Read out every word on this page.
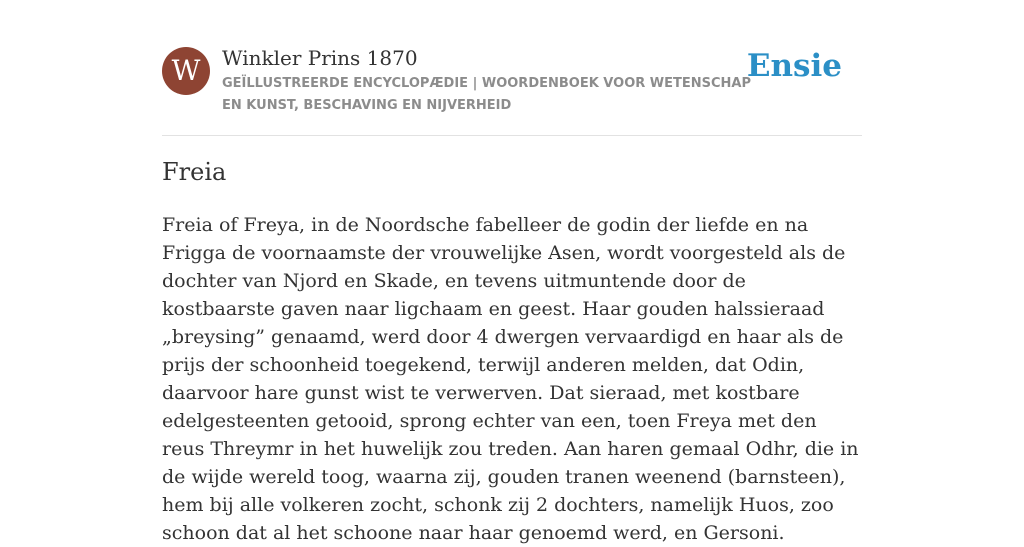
W	Winkler Prins 1870
GEÏLLUSTREERDE ENCYCLOPÆDIE | WOORDENBOEK VOOR WETENSCHAP EN KUNST, BESCHAVING EN NIJVERHEID
Ensie
Freia

Freia of Freya, in de Noordsche fabelleer de godin der liefde en na Frigga de voornaamste der vrouwelijke Asen, wordt voorgesteld als de dochter van Njord en Skade, en tevens uitmuntende door de kostbaarste gaven naar ligchaam en geest. Haar gouden halssieraad „breysing” genaamd, werd door 4 dwergen vervaardigd en haar als de prijs der schoonheid toegekend, terwijl anderen melden, dat Odin, daarvoor hare gunst wist te verwerven. Dat sieraad, met kostbare edelgesteenten getooid, sprong echter van een, toen Freya met den reus Threymr in het huwelijk zou treden. Aan haren gemaal Odhr, die in de wijde wereld toog, waarna zij, gouden tranen weenend (barnsteen), hem bij alle volkeren zocht, schonk zij 2 dochters, namelijk Huos, zoo schoon dat al het schoone naar haar genoemd werd, en Gersoni.
